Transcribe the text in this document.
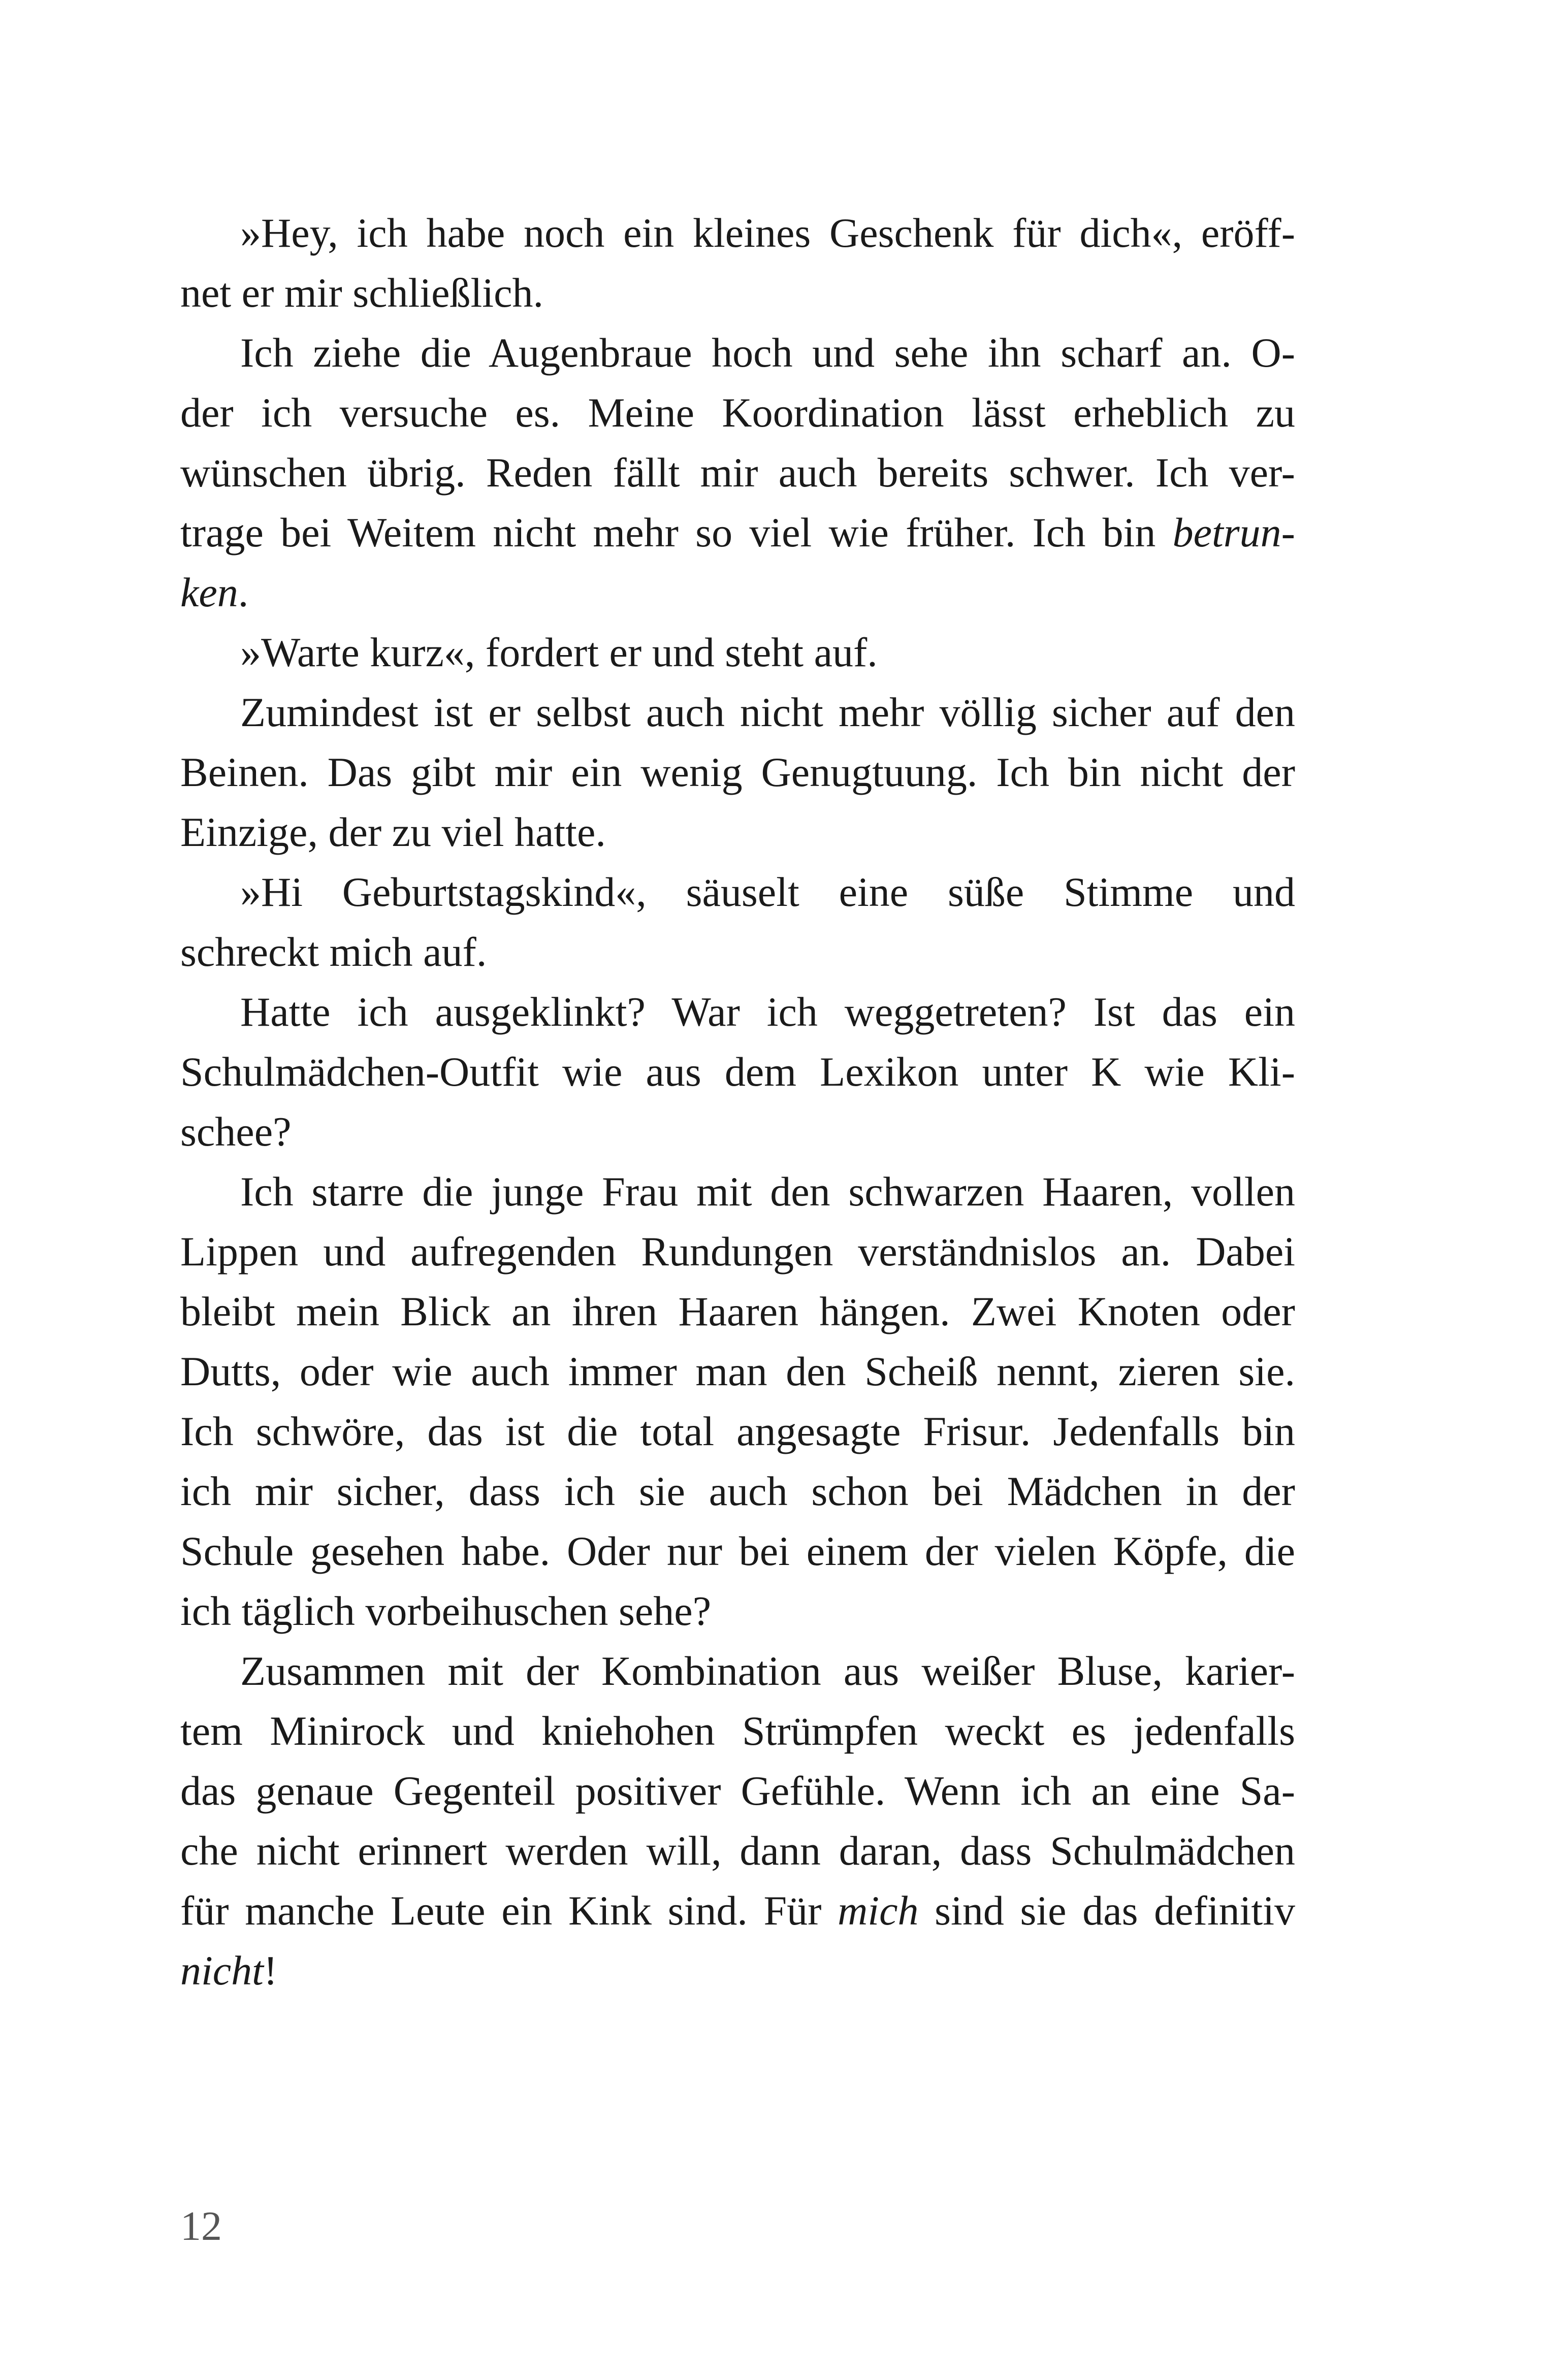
»Hey, ich habe noch ein kleines Geschenk für dich«, eröff-
net er mir schließlich.
Ich ziehe die Augenbraue hoch und sehe ihn scharf an. O-
der ich versuche es. Meine Koordination lässt erheblich zu
wünschen übrig. Reden fällt mir auch bereits schwer. Ich ver-
trage bei Weitem nicht mehr so viel wie früher. Ich bin betrun-
ken.
»Warte kurz«, fordert er und steht auf.
Zumindest ist er selbst auch nicht mehr völlig sicher auf den
Beinen. Das gibt mir ein wenig Genugtuung. Ich bin nicht der
Einzige, der zu viel hatte.
»Hi Geburtstagskind«, säuselt eine süße Stimme und
schreckt mich auf.
Hatte ich ausgeklinkt? War ich weggetreten? Ist das ein
Schulmädchen-Outfit wie aus dem Lexikon unter K wie Kli-
schee?
Ich starre die junge Frau mit den schwarzen Haaren, vollen
Lippen und aufregenden Rundungen verständnislos an. Dabei
bleibt mein Blick an ihren Haaren hängen. Zwei Knoten oder
Dutts, oder wie auch immer man den Scheiß nennt, zieren sie.
Ich schwöre, das ist die total angesagte Frisur. Jedenfalls bin
ich mir sicher, dass ich sie auch schon bei Mädchen in der
Schule gesehen habe. Oder nur bei einem der vielen Köpfe, die
ich täglich vorbeihuschen sehe?
Zusammen mit der Kombination aus weißer Bluse, karier-
tem Minirock und kniehohen Strümpfen weckt es jedenfalls
das genaue Gegenteil positiver Gefühle. Wenn ich an eine Sa-
che nicht erinnert werden will, dann daran, dass Schulmädchen
für manche Leute ein Kink sind. Für mich sind sie das definitiv
nicht!
12
